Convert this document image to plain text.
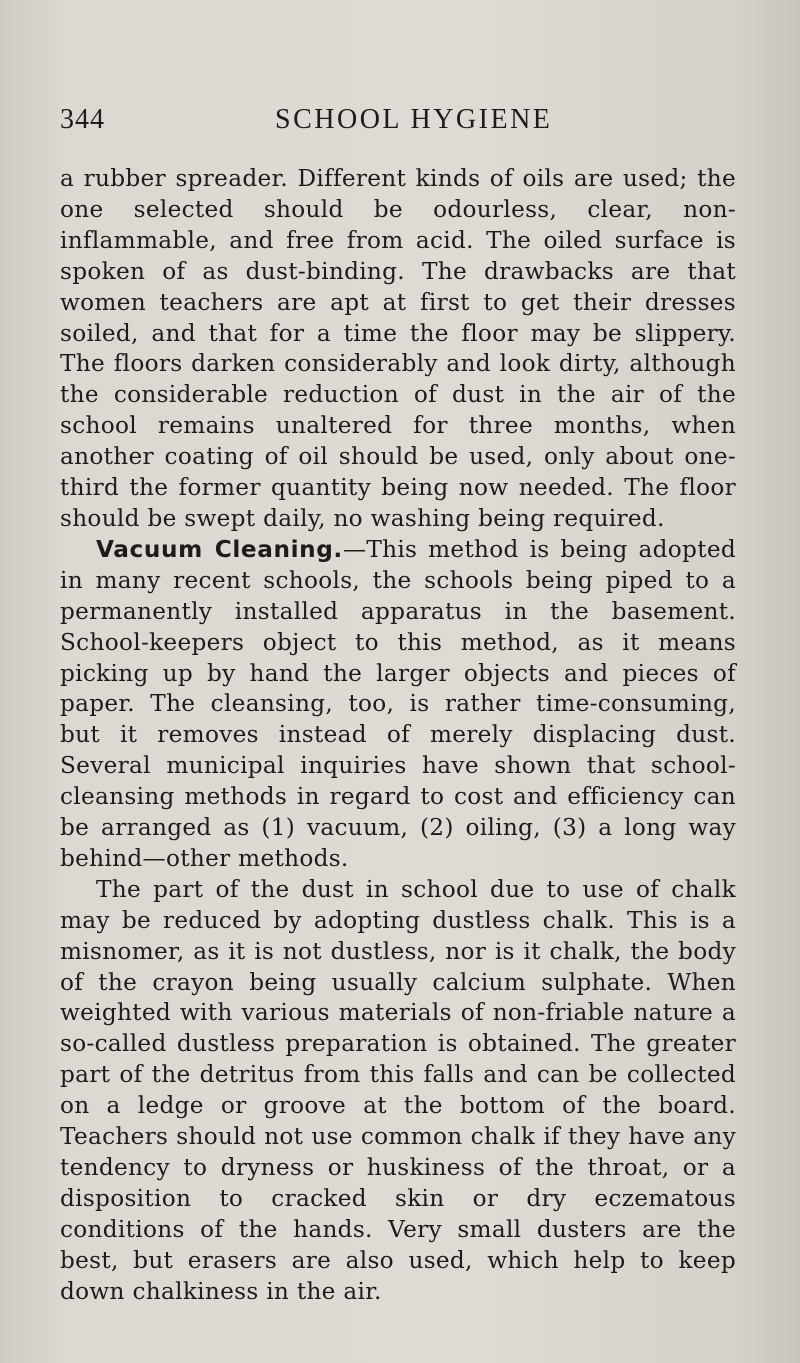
344	SCHOOL HYGIENE

a rubber spreader. Different kinds of oils are used; the one selected should be odourless, clear, non-inflammable, and free from acid. The oiled surface is spoken of as dust-binding. The drawbacks are that women teachers are apt at first to get their dresses soiled, and that for a time the floor may be slippery. The floors darken considerably and look dirty, although the considerable reduction of dust in the air of the school remains unaltered for three months, when another coating of oil should be used, only about one-third the former quantity being now needed. The floor should be swept daily, no washing being required.

Vacuum Cleaning.—This method is being adopted in many recent schools, the schools being piped to a permanently installed apparatus in the basement. School-keepers object to this method, as it means picking up by hand the larger objects and pieces of paper. The cleansing, too, is rather time-consuming, but it removes instead of merely displacing dust. Several municipal inquiries have shown that school-cleansing methods in regard to cost and efficiency can be arranged as (1) vacuum, (2) oiling, (3) a long way behind—other methods.

The part of the dust in school due to use of chalk may be reduced by adopting dustless chalk. This is a misnomer, as it is not dustless, nor is it chalk, the body of the crayon being usually calcium sulphate. When weighted with various materials of non-friable nature a so-called dustless preparation is obtained. The greater part of the detritus from this falls and can be collected on a ledge or groove at the bottom of the board. Teachers should not use common chalk if they have any tendency to dryness or huskiness of the throat, or a disposition to cracked skin or dry eczematous conditions of the hands. Very small dusters are the best, but erasers are also used, which help to keep down chalkiness in the air.
